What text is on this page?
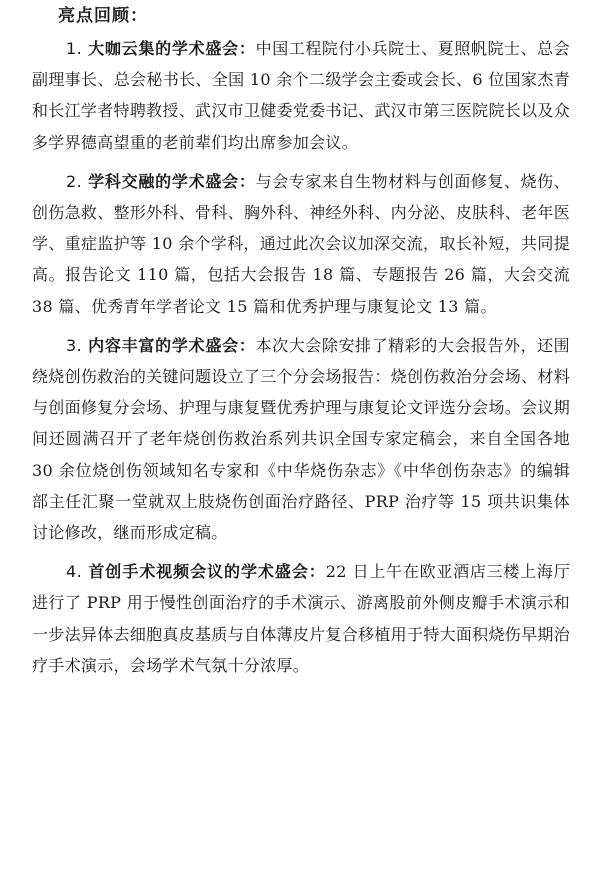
亮点回顾：

1. 大咖云集的学术盛会：中国工程院付小兵院士、夏照帆院士、总会副理事长、总会秘书长、全国 10 余个二级学会主委或会长、6 位国家杰青和长江学者特聘教授、武汉市卫健委党委书记、武汉市第三医院院长以及众多学界德高望重的老前辈们均出席参加会议。

2. 学科交融的学术盛会：与会专家来自生物材料与创面修复、烧伤、创伤急救、整形外科、骨科、胸外科、神经外科、内分泌、皮肤科、老年医学、重症监护等 10 余个学科，通过此次会议加深交流，取长补短，共同提高。报告论文 110 篇，包括大会报告 18 篇、专题报告 26 篇，大会交流 38 篇、优秀青年学者论文 15 篇和优秀护理与康复论文 13 篇。

3. 内容丰富的学术盛会：本次大会除安排了精彩的大会报告外，还围绕烧创伤救治的关键问题设立了三个分会场报告：烧创伤救治分会场、材料与创面修复分会场、护理与康复暨优秀护理与康复论文评选分会场。会议期间还圆满召开了老年烧创伤救治系列共识全国专家定稿会，来自全国各地 30 余位烧创伤领域知名专家和《中华烧伤杂志》《中华创伤杂志》的编辑部主任汇聚一堂就双上肢烧伤创面治疗路径、PRP 治疗等 15 项共识集体讨论修改，继而形成定稿。

4. 首创手术视频会议的学术盛会：22 日上午在欧亚酒店三楼上海厅进行了 PRP 用于慢性创面治疗的手术演示、游离股前外侧皮瓣手术演示和一步法异体去细胞真皮基质与自体薄皮片复合移植用于特大面积烧伤早期治疗手术演示，会场学术气氛十分浓厚。
